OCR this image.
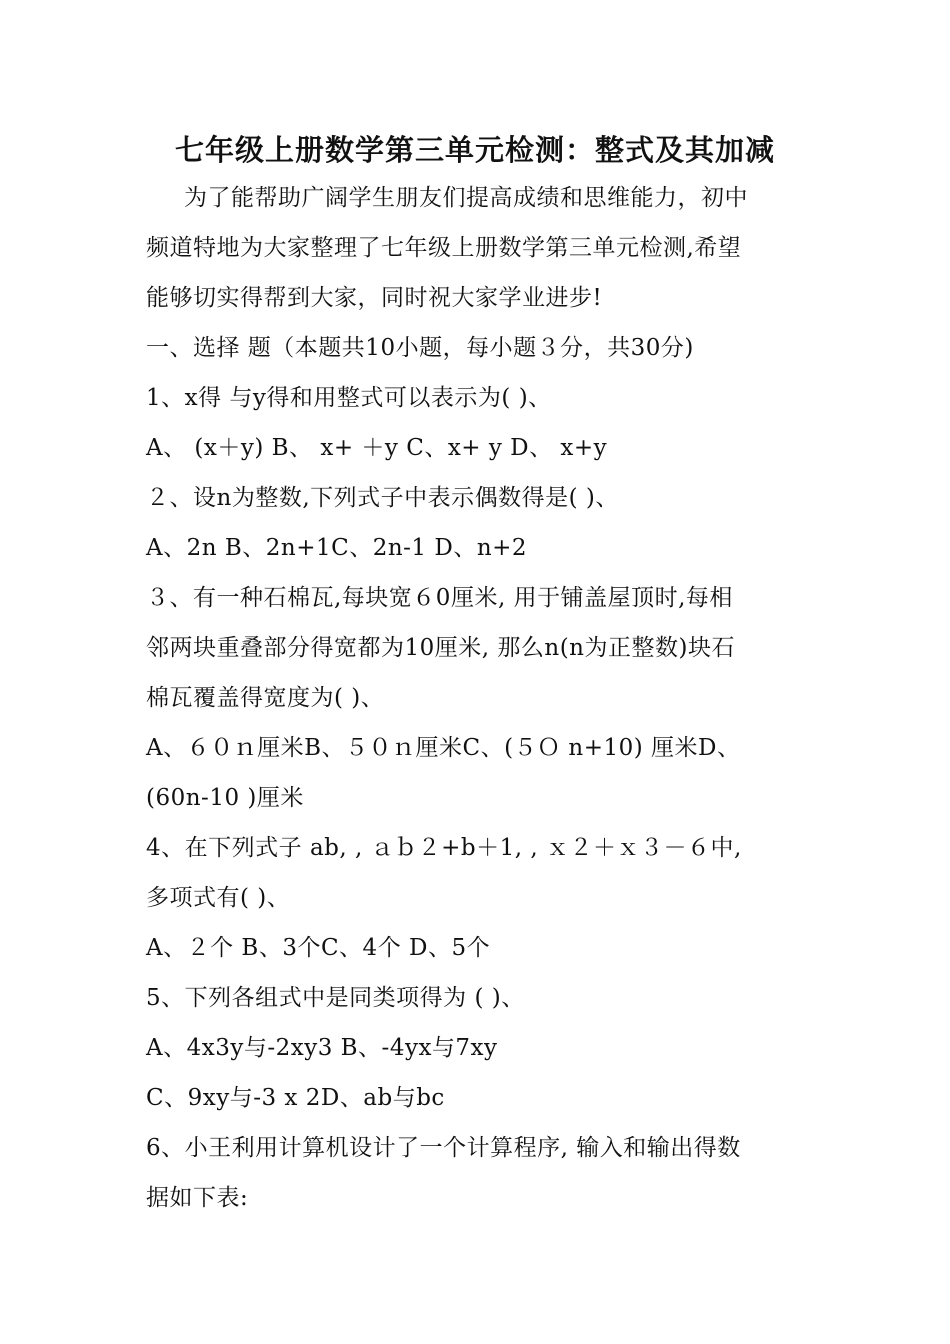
七年级上册数学第三单元检测：整式及其加减
为了能帮助广阔学生朋友们提高成绩和思维能力，初中
频道特地为大家整理了七年级上册数学第三单元检测,希望
能够切实得帮到大家，同时祝大家学业进步!
一、选择 题（本题共10小题，每小题３分，共30分)
1、x得 与y得和用整式可以表示为( )、
A、 (x＋y) B、 x+ ＋y C、x+ y D、 x+y
２、设n为整数,下列式子中表示偶数得是( )、
A、2n B、2n+1C、2n-1 D、n+2
３、有一种石棉瓦,每块宽６0厘米, 用于铺盖屋顶时,每相
邻两块重叠部分得宽都为10厘米, 那么n(n为正整数)块石
棉瓦覆盖得宽度为( )、
A、６０ｎ厘米B、５０ｎ厘米C、(５Ｏ n+10) 厘米D、
(60n-10 )厘米
4、在下列式子 ab, , ａｂ２+b＋1, , ｘ２＋ｘ３－６中,
多项式有( )、
A、２个 B、3个C、4个 D、5个
5、下列各组式中是同类项得为 ( )、
A、4x3y与-2xy3 B、-4yx与7xy
C、9xy与-3 x 2D、ab与bc
6、小王利用计算机设计了一个计算程序, 输入和输出得数
据如下表:
